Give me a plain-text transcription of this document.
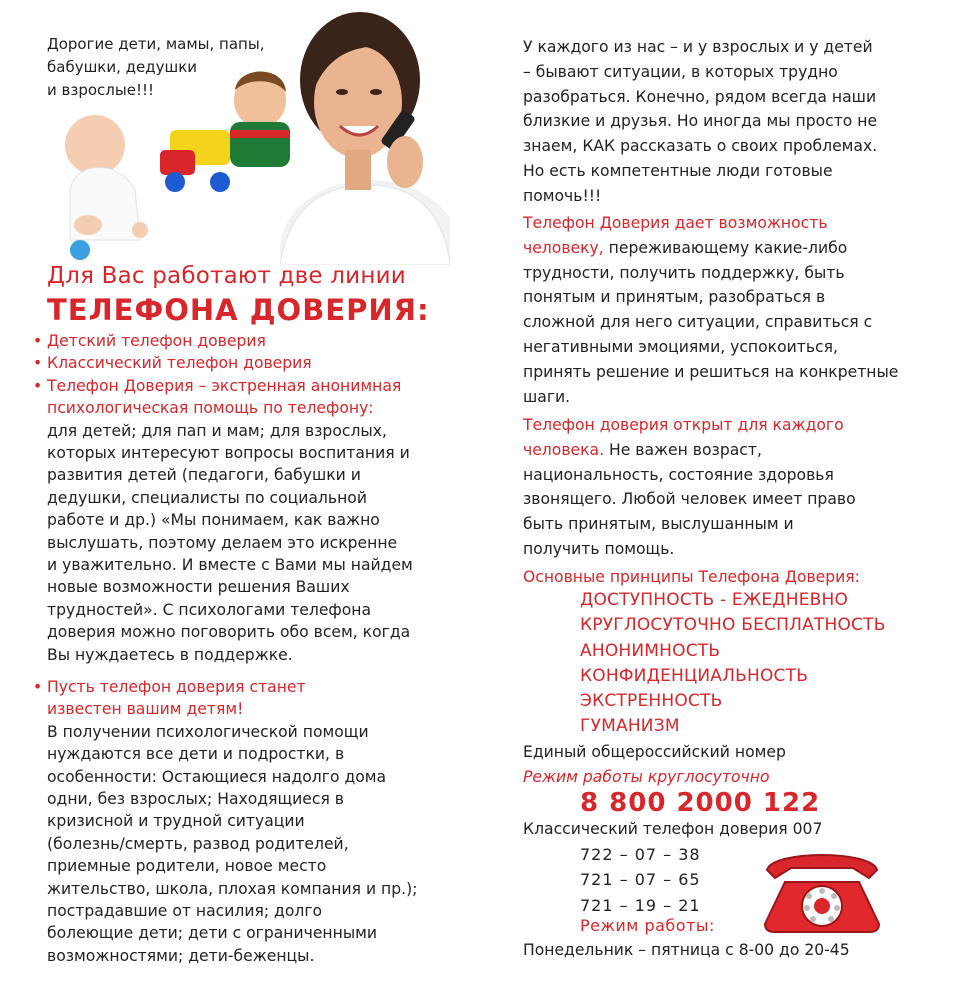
Дорогие дети, мамы, папы,
бабушки, дедушки
и взрослые!!!
Для Вас работают две линии
ТЕЛЕФОНА ДОВЕРИЯ:
• Детский телефон доверия
• Классический телефон доверия
• Телефон Доверия – экстренная анонимная
психологическая помощь по телефону:
для детей; для пап и мам; для взрослых,
которых интересуют вопросы воспитания и
развития детей (педагоги, бабушки и
дедушки, специалисты по социальной
работе и др.) «Мы понимаем, как важно
выслушать, поэтому делаем это искренне
и уважительно. И вместе с Вами мы найдем
новые возможности решения Ваших
трудностей». С психологами телефона
доверия можно поговорить обо всем, когда
Вы нуждаетесь в поддержке.
• Пусть телефон доверия станет
известен вашим детям!
В получении психологической помощи
нуждаются все дети и подростки, в
особенности: Остающиеся надолго дома
одни, без взрослых; Находящиеся в
кризисной и трудной ситуации
(болезнь/смерть, развод родителей,
приемные родители, новое место
жительство, школа, плохая компания и пр.);
пострадавшие от насилия; долго
болеющие дети; дети с ограниченными
возможностями; дети-беженцы.
У каждого из нас – и у взрослых и у детей
– бывают ситуации, в которых трудно
разобраться. Конечно, рядом всегда наши
близкие и друзья. Но иногда мы просто не
знаем, КАК рассказать о своих проблемах.
Но есть компетентные люди готовые
помочь!!!
Телефон Доверия дает возможность
человеку, переживающему какие-либо
трудности, получить поддержку, быть
понятым и принятым, разобраться в
сложной для него ситуации, справиться с
негативными эмоциями, успокоиться,
принять решение и решиться на конкретные
шаги.
Телефон доверия открыт для каждого
человека. Не важен возраст,
национальность, состояние здоровья
звонящего. Любой человек имеет право
быть принятым, выслушанным и
получить помощь.
Основные принципы Телефона Доверия:
ДОСТУПНОСТЬ - ЕЖЕДНЕВНО
КРУГЛОСУТОЧНО БЕСПЛАТНОСТЬ
АНОНИМНОСТЬ
КОНФИДЕНЦИАЛЬНОСТЬ
ЭКСТРЕННОСТЬ
ГУМАНИЗМ
Единый общероссийский номер
Режим работы круглосуточно
8 800 2000 122
Классический телефон доверия 007
722 – 07 – 38
721 – 07 – 65
721 – 19 – 21
Режим работы:
Понедельник – пятница с 8-00 до 20-45
